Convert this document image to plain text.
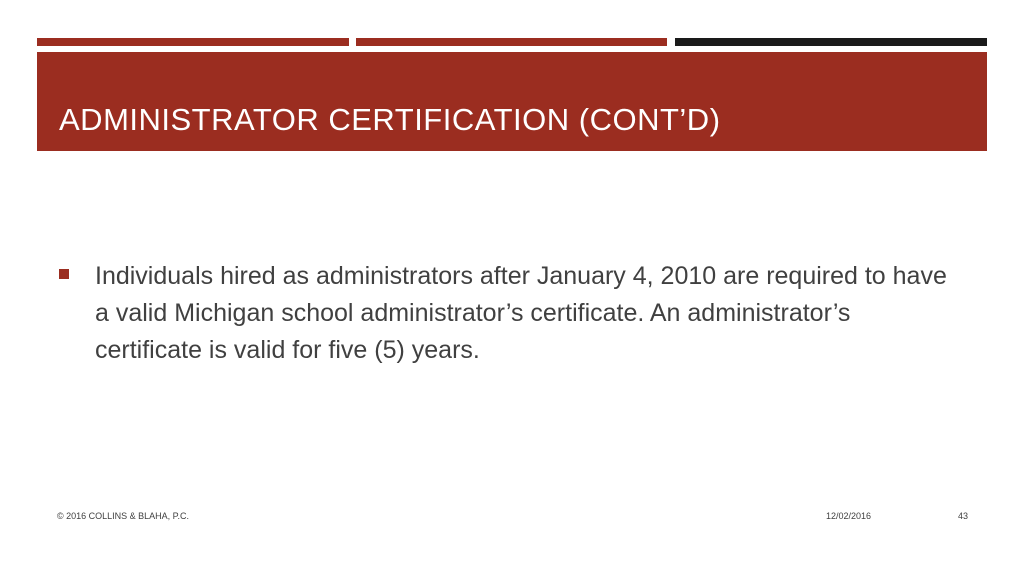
ADMINISTRATOR CERTIFICATION (CONT’D)
Individuals hired as administrators after January 4, 2010 are required to have a valid Michigan school administrator’s certificate. An administrator’s certificate is valid for five (5) years.
© 2016 COLLINS & BLAHA, P.C.	12/02/2016	43
